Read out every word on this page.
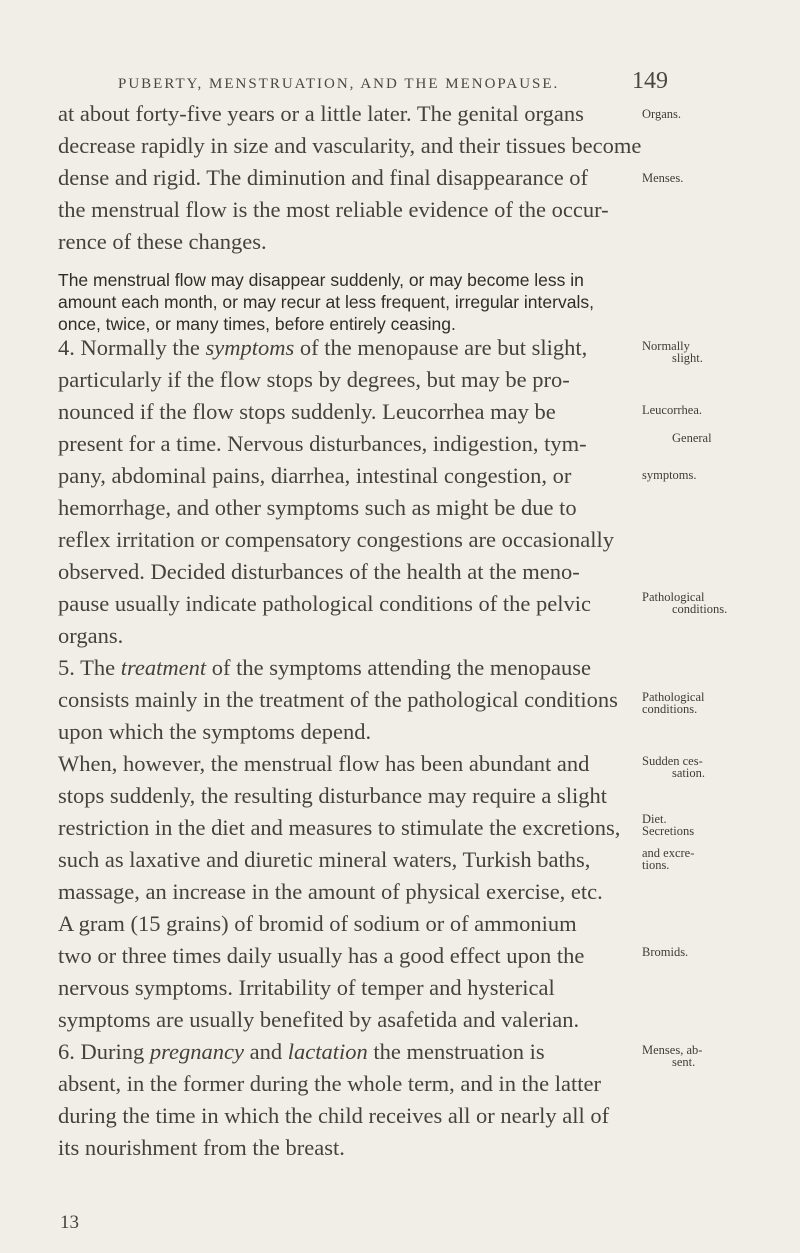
PUBERTY, MENSTRUATION, AND THE MENOPAUSE.	149
at about forty-five years or a little later. The genital organs
decrease rapidly in size and vascularity, and their tissues become
dense and rigid. The diminution and final disappearance of
the menstrual flow is the most reliable evidence of the occur-
rence of these changes.
The menstrual flow may disappear suddenly, or may become less in
amount each month, or may recur at less frequent, irregular intervals,
once, twice, or many times, before entirely ceasing.
4. Normally the symptoms of the menopause are but slight,
particularly if the flow stops by degrees, but may be pro-
nounced if the flow stops suddenly. Leucorrhea may be
present for a time. Nervous disturbances, indigestion, tym-
pany, abdominal pains, diarrhea, intestinal congestion, or
hemorrhage, and other symptoms such as might be due to
reflex irritation or compensatory congestions are occasionally
observed. Decided disturbances of the health at the meno-
pause usually indicate pathological conditions of the pelvic
organs.
5. The treatment of the symptoms attending the menopause
consists mainly in the treatment of the pathological conditions
upon which the symptoms depend.
When, however, the menstrual flow has been abundant and
stops suddenly, the resulting disturbance may require a slight
restriction in the diet and measures to stimulate the excretions,
such as laxative and diuretic mineral waters, Turkish baths,
massage, an increase in the amount of physical exercise, etc.
A gram (15 grains) of bromid of sodium or of ammonium
two or three times daily usually has a good effect upon the
nervous symptoms. Irritability of temper and hysterical
symptoms are usually benefited by asafetida and valerian.
6. During pregnancy and lactation the menstruation is
absent, in the former during the whole term, and in the latter
during the time in which the child receives all or nearly all of
its nourishment from the breast.
Organs.
Menses.
Normally
slight.
Leucorrhea.
General
symptoms.
Pathological
conditions.
Pathological
conditions.
Sudden ces-
sation.
Diet.
Secretions
and excre-
tions.
Bromids.
Menses, ab-
sent.
13
